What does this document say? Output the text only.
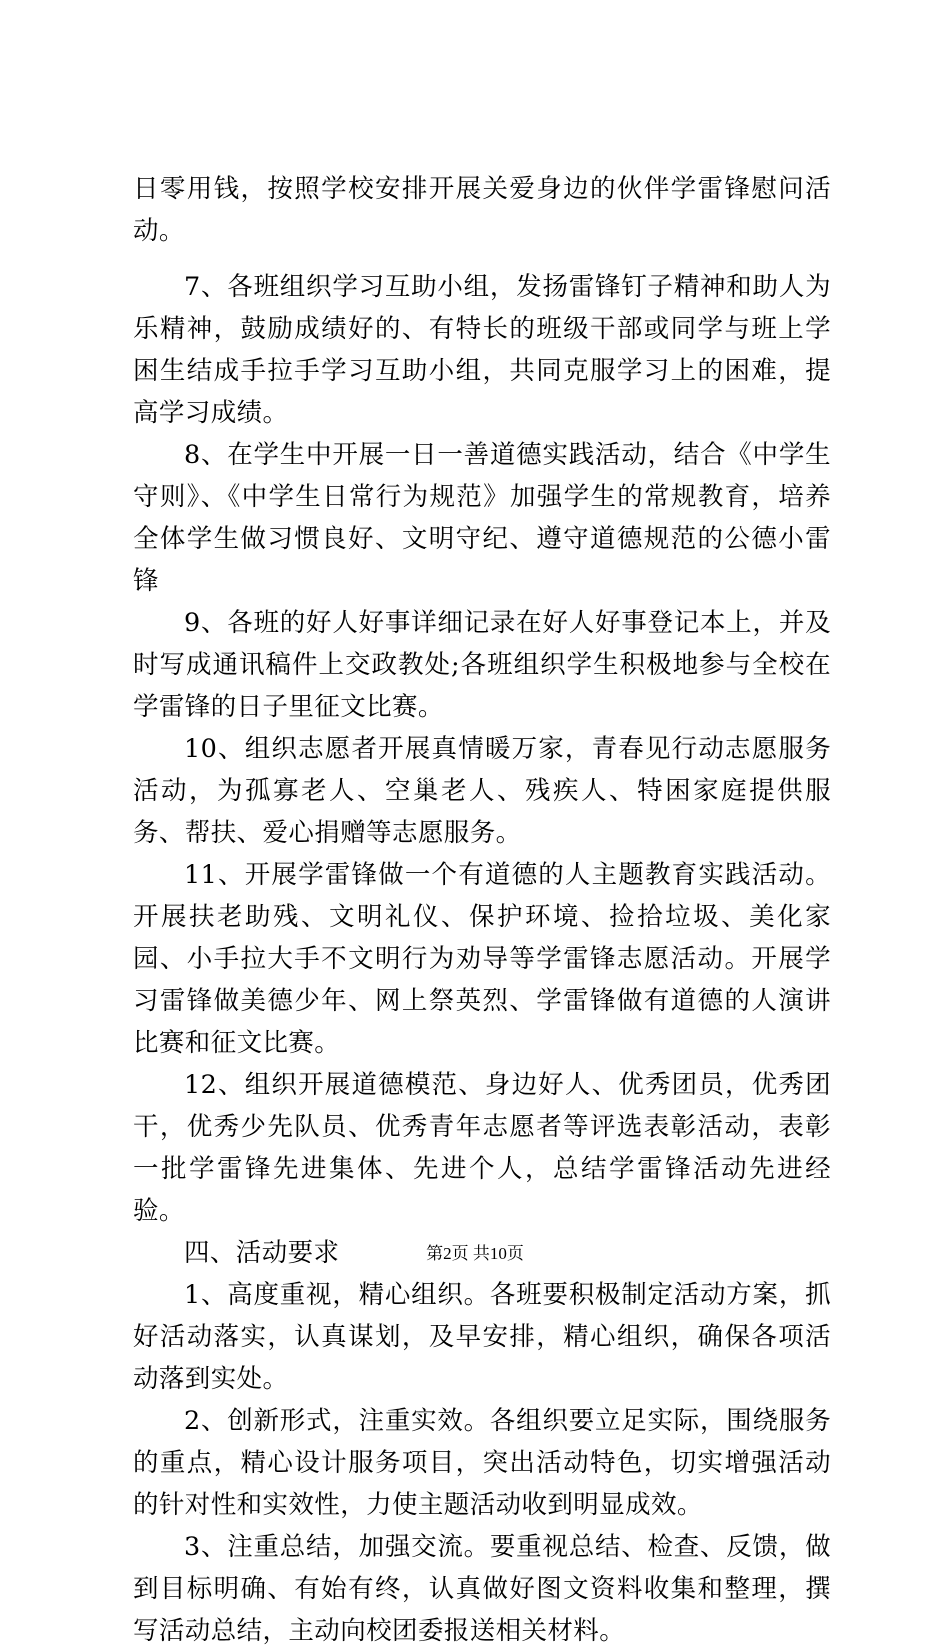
日零用钱，按照学校安排开展关爱身边的伙伴学雷锋慰问活动。

7、各班组织学习互助小组，发扬雷锋钉子精神和助人为乐精神，鼓励成绩好的、有特长的班级干部或同学与班上学困生结成手拉手学习互助小组，共同克服学习上的困难，提高学习成绩。

8、在学生中开展一日一善道德实践活动，结合《中学生守则》、《中学生日常行为规范》加强学生的常规教育，培养全体学生做习惯良好、文明守纪、遵守道德规范的公德小雷锋

9、各班的好人好事详细记录在好人好事登记本上，并及时写成通讯稿件上交政教处;各班组织学生积极地参与全校在学雷锋的日子里征文比赛。

10、组织志愿者开展真情暖万家，青春见行动志愿服务活动，为孤寡老人、空巢老人、残疾人、特困家庭提供服务、帮扶、爱心捐赠等志愿服务。

11、开展学雷锋做一个有道德的人主题教育实践活动。开展扶老助残、文明礼仪、保护环境、捡拾垃圾、美化家园、小手拉大手不文明行为劝导等学雷锋志愿活动。开展学习雷锋做美德少年、网上祭英烈、学雷锋做有道德的人演讲比赛和征文比赛。

12、组织开展道德模范、身边好人、优秀团员，优秀团干，优秀少先队员、优秀青年志愿者等评选表彰活动，表彰一批学雷锋先进集体、先进个人，总结学雷锋活动先进经验。

四、活动要求

1、高度重视，精心组织。各班要积极制定活动方案，抓好活动落实，认真谋划，及早安排，精心组织，确保各项活动落到实处。

2、创新形式，注重实效。各组织要立足实际，围绕服务的重点，精心设计服务项目，突出活动特色，切实增强活动的针对性和实效性，力使主题活动收到明显成效。

3、注重总结，加强交流。要重视总结、检查、反馈，做到目标明确、有始有终，认真做好图文资料收集和整理，撰写活动总结，主动向校团委报送相关材料。

第2页 共10页
